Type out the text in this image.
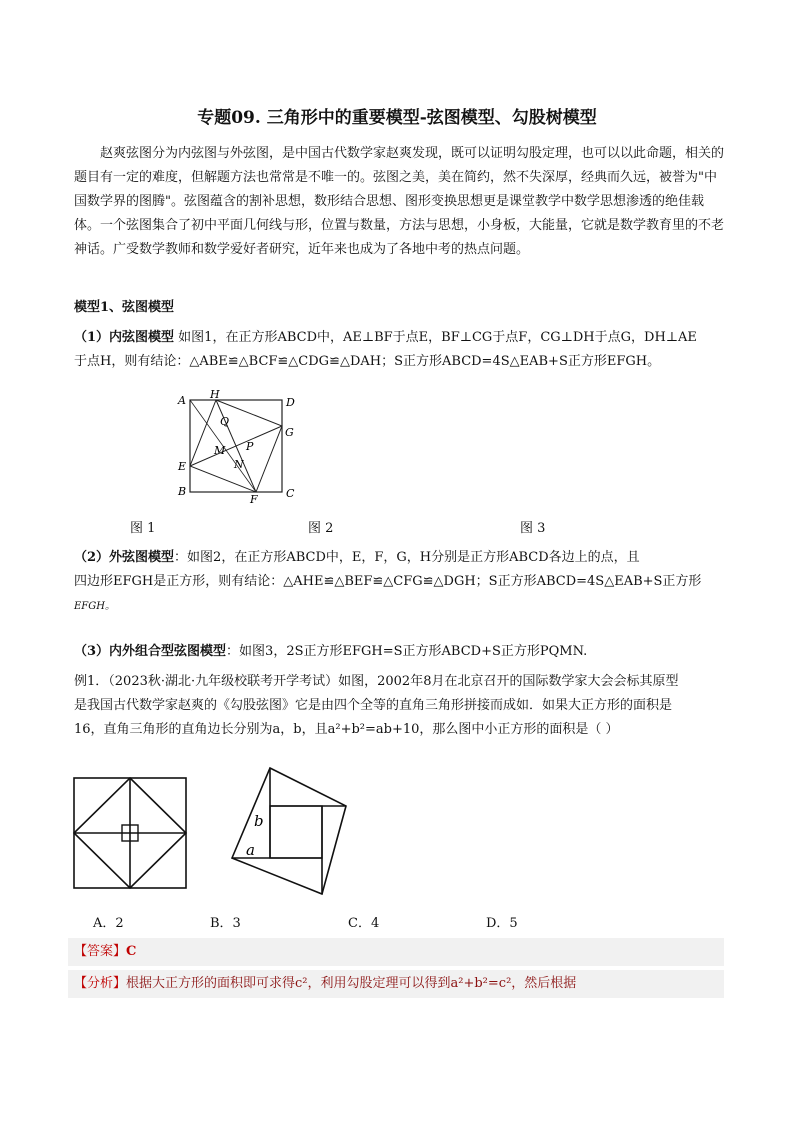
专题09. 三角形中的重要模型-弦图模型、勾股树模型
赵爽弦图分为内弦图与外弦图，是中国古代数学家赵爽发现，既可以证明勾股定理，也可以以此命题，相关的题目有一定的难度，但解题方法也常常是不唯一的。弦图之美，美在简约，然不失深厚，经典而久远，被誉为"中国数学界的图腾"。弦图蕴含的割补思想，数形结合思想、图形变换思想更是课堂教学中数学思想渗透的绝佳载体。一个弦图集合了初中平面几何线与形，位置与数量，方法与思想，小身板，大能量，它就是数学教育里的不老神话。广受数学教师和数学爱好者研究，近年来也成为了各地中考的热点问题。
模型1、弦图模型
（1）内弦图模型 如图1，在正方形ABCD中，AE⊥BF于点E，BF⊥CG于点F，CG⊥DH于点G，DH⊥AE
于点H，则有结论：△ABE≌△BCF≌△CDG≌△DAH；S正方形ABCD=4S△EAB+S正方形EFGH。
A H
D
Q
G
P
M
E	N
B
F	C
图 1	图 2	图 3
（2）外弦图模型：如图2，在正方形ABCD中，E，F，G，H分别是正方形ABCD各边上的点，且
四边形EFGH是正方形，则有结论：△AHE≌△BEF≌△CFG≌△DGH；S正方形ABCD=4S△EAB+S正方形
EFGH。
（3）内外组合型弦图模型：如图3，2S正方形EFGH=S正方形ABCD+S正方形PQMN.
例1．（2023秋·湖北·九年级校联考开学考试）如图，2002年8月在北京召开的国际数学家大会会标其原型
是我国古代数学家赵爽的《勾股弦图》它是由四个全等的直角三角形拼接而成如．如果大正方形的面积是
16，直角三角形的直角边长分别为a，b，且a²+b²=ab+10，那么图中小正方形的面积是（ ）
b
a
A．2	B．3	C．4	D．5
【答案】C
【分析】根据大正方形的面积即可求得c²，利用勾股定理可以得到a²+b²=c²，然后根据
